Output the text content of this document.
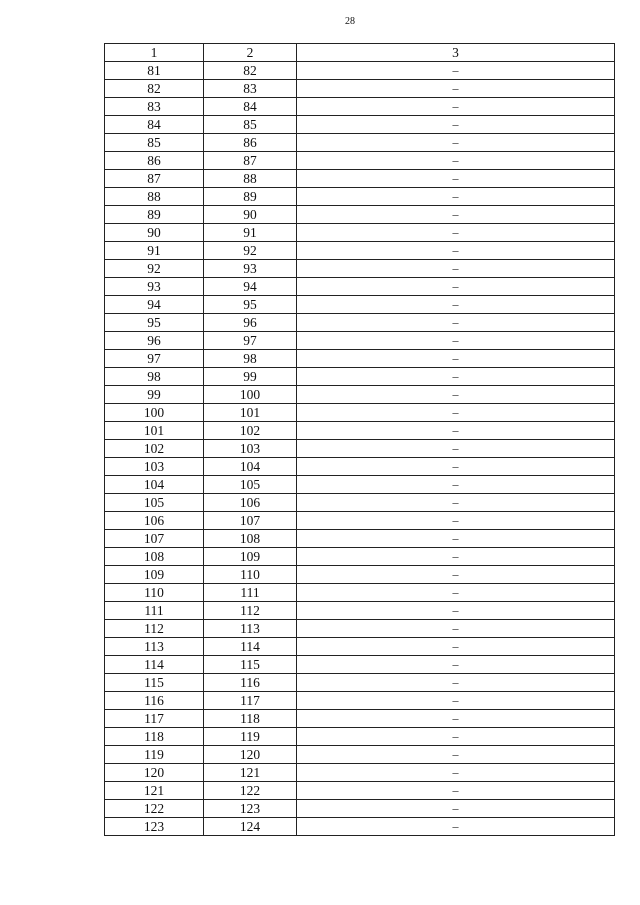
28
1	2	3
81	82	–
82	83	–
83	84	–
84	85	–
85	86	–
86	87	–
87	88	–
88	89	–
89	90	–
90	91	–
91	92	–
92	93	–
93	94	–
94	95	–
95	96	–
96	97	–
97	98	–
98	99	–
99	100	–
100	101	–
101	102	–
102	103	–
103	104	–
104	105	–
105	106	–
106	107	–
107	108	–
108	109	–
109	110	–
110	111	–
111	112	–
112	113	–
113	114	–
114	115	–
115	116	–
116	117	–
117	118	–
118	119	–
119	120	–
120	121	–
121	122	–
122	123	–
123	124	–
